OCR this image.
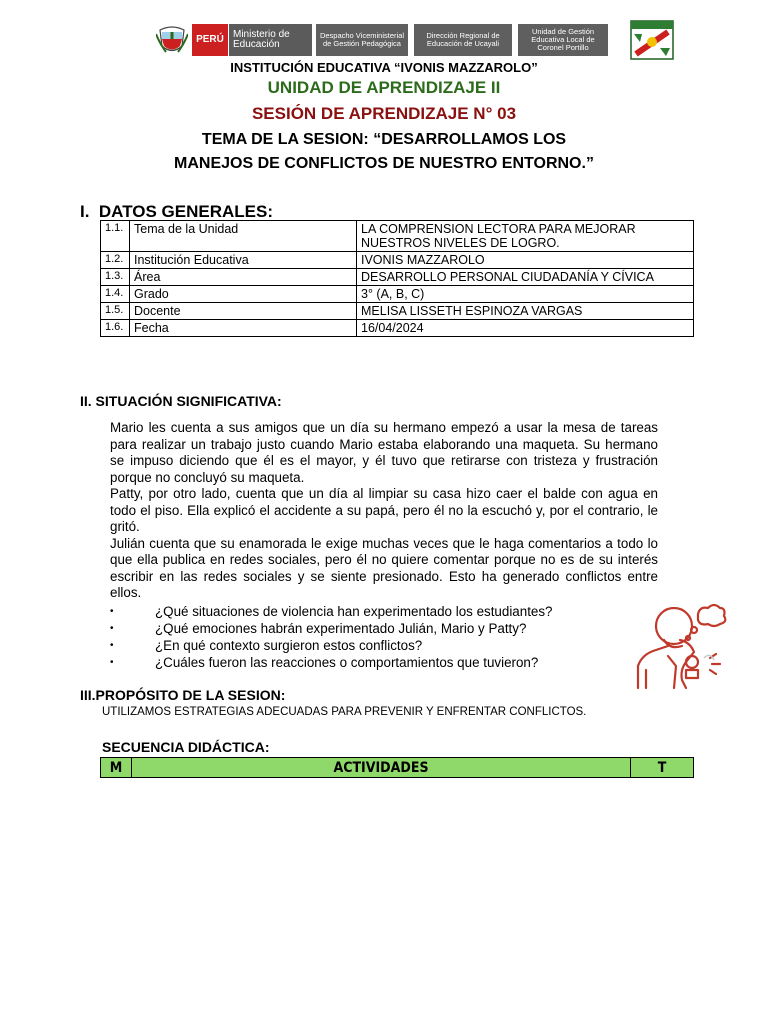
PERÚ Ministerio de Educación
Despacho Viceministerial de Gestión Pedagógica
Dirección Regional de Educación de Ucayali
Unidad de Gestión Educativa Local de Coronel Portillo
INSTITUCIÓN EDUCATIVA “IVONIS MAZZAROLO”
UNIDAD DE APRENDIZAJE II
SESIÓN DE APRENDIZAJE N° 03
TEMA DE LA SESION: “DESARROLLAMOS LOS
MANEJOS DE CONFLICTOS DE NUESTRO ENTORNO.”
I. DATOS GENERALES:
1.1.	Tema de la Unidad	LA COMPRENSION LECTORA PARA MEJORAR NUESTROS NIVELES DE LOGRO.
1.2.	Institución Educativa	IVONIS MAZZAROLO
1.3.	Área	DESARROLLO PERSONAL CIUDADANÍA Y CÍVICA
1.4.	Grado	3° (A, B, C)
1.5.	Docente	MELISA LISSETH ESPINOZA VARGAS
1.6.	Fecha	16/04/2024
II. SITUACIÓN SIGNIFICATIVA:

Mario les cuenta a sus amigos que un día su hermano empezó a usar la mesa de tareas para realizar un trabajo justo cuando Mario estaba elaborando una maqueta. Su hermano se impuso diciendo que él es el mayor, y él tuvo que retirarse con tristeza y frustración porque no concluyó su maqueta.

Patty, por otro lado, cuenta que un día al limpiar su casa hizo caer el balde con agua en todo el piso. Ella explicó el accidente a su papá, pero él no la escuchó y, por el contrario, le gritó.

Julián cuenta que su enamorada le exige muchas veces que le haga comentarios a todo lo que ella publica en redes sociales, pero él no quiere comentar porque no es de su interés escribir en las redes sociales y se siente presionado. Esto ha generado conflictos entre ellos.

•	¿Qué situaciones de violencia han experimentado los estudiantes?
•	¿Qué emociones habrán experimentado Julián, Mario y Patty?
•	¿En qué contexto surgieron estos conflictos?
•	¿Cuáles fueron las reacciones o comportamientos que tuvieron?
III.PROPÓSITO DE LA SESION:
UTILIZAMOS ESTRATEGIAS ADECUADAS PARA PREVENIR Y ENFRENTAR CONFLICTOS.
SECUENCIA DIDÁCTICA:
M	ACTIVIDADES	T
